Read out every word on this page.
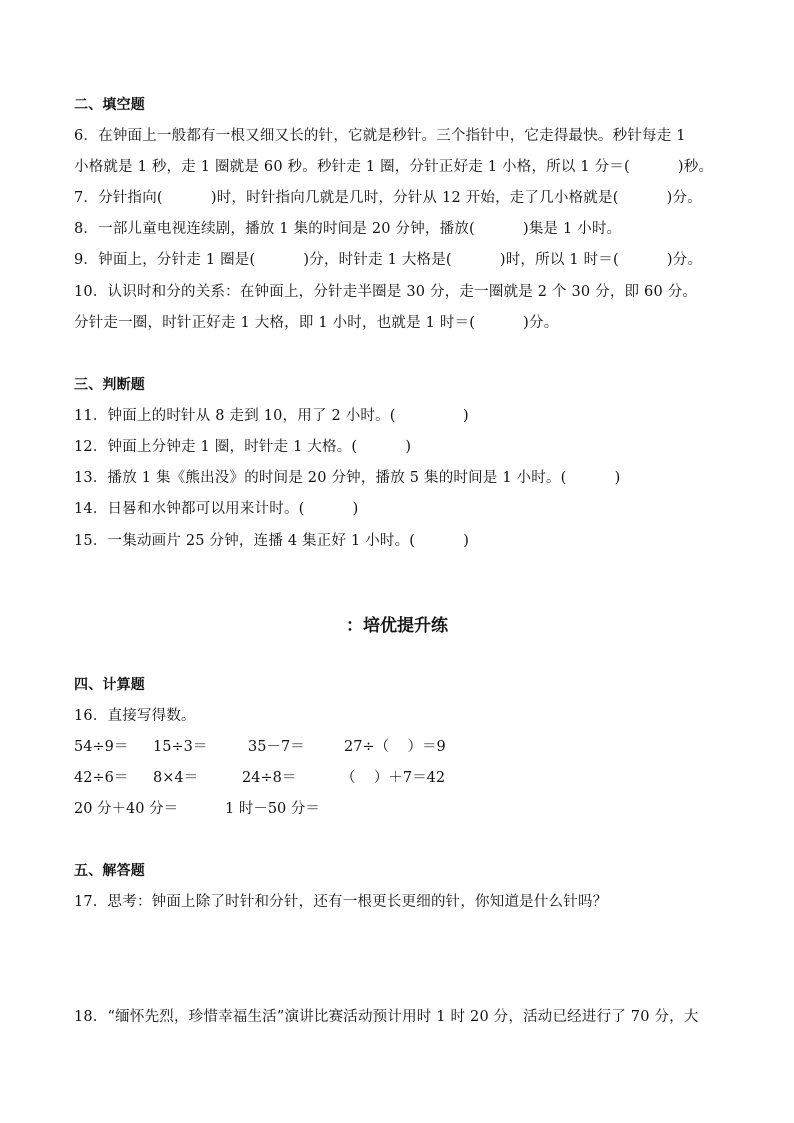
二、填空题
6．在钟面上一般都有一根又细又长的针，它就是秒针。三个指针中，它走得最快。秒针每走 1
小格就是 1 秒，走 1 圈就是 60 秒。秒针走 1 圈，分针正好走 1 小格，所以 1 分＝(          )秒。
7．分针指向(          )时，时针指向几就是几时，分针从 12 开始，走了几小格就是(          )分。
8．一部儿童电视连续剧，播放 1 集的时间是 20 分钟，播放(          )集是 1 小时。
9．钟面上，分针走 1 圈是(          )分，时针走 1 大格是(          )时，所以 1 时＝(          )分。
10．认识时和分的关系：在钟面上，分针走半圈是 30 分，走一圈就是 2 个 30 分，即 60 分。
分针走一圈，时针正好走 1 大格，即 1 小时，也就是 1 时＝(          )分。
三、判断题
11．钟面上的时针从 8 走到 10，用了 2 小时。(              )
12．钟面上分钟走 1 圈，时针走 1 大格。(          )
13．播放 1 集《熊出没》的时间是 20 分钟，播放 5 集的时间是 1 小时。(          )
14．日晷和水钟都可以用来计时。(          )
15．一集动画片 25 分钟，连播 4 集正好 1 小时。(          )
：培优提升练
四、计算题
16．直接写得数。
54÷9＝ 15÷3＝	35－7＝	27÷（    ）＝9
42÷6＝ 8×4＝	24÷8＝	（    ）＋7＝42
20 分＋40 分＝	1 时－50 分＝
五、解答题
17．思考：钟面上除了时针和分针，还有一根更长更细的针，你知道是什么针吗？
18．“缅怀先烈，珍惜幸福生活”演讲比赛活动预计用时 1 时 20 分，活动已经进行了 70 分，大
